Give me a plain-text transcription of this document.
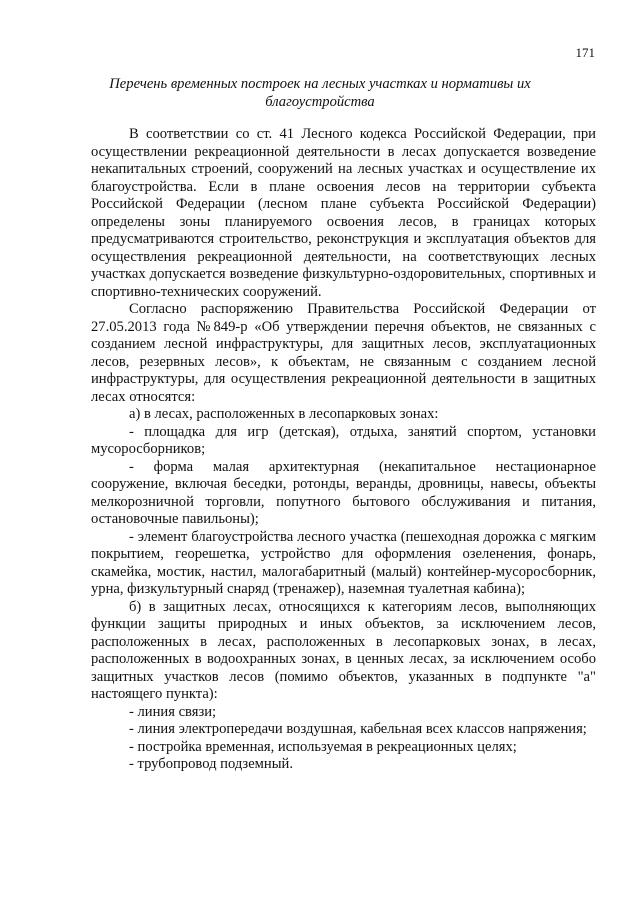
171
Перечень временных построек на лесных участках и нормативы их благоустройства

В соответствии со ст. 41 Лесного кодекса Российской Федерации, при осуществлении рекреационной деятельности в лесах допускается возведение некапитальных строений, сооружений на лесных участках и осуществление их благоустройства. Если в плане освоения лесов на территории субъекта Российской Федерации (лесном плане субъекта Российской Федерации) определены зоны планируемого освоения лесов, в границах которых предусматриваются строительство, реконструкция и эксплуатация объектов для осуществления рекреационной деятельности, на соответствующих лесных участках допускается возведение физкультурно-оздоровительных, спортивных и спортивно-технических сооружений.

Согласно распоряжению Правительства Российской Федерации от 27.05.2013 года №849-р «Об утверждении перечня объектов, не связанных с созданием лесной инфраструктуры, для защитных лесов, эксплуатационных лесов, резервных лесов», к объектам, не связанным с созданием лесной инфраструктуры, для осуществления рекреационной деятельности в защитных лесах относятся:

а) в лесах, расположенных в лесопарковых зонах:

- площадка для игр (детская), отдыха, занятий спортом, установки мусоросборников;

- форма малая архитектурная (некапитальное нестационарное сооружение, включая беседки, ротонды, веранды, дровницы, навесы, объекты мелкорозничной торговли, попутного бытового обслуживания и питания, остановочные павильоны);

- элемент благоустройства лесного участка (пешеходная дорожка с мягким покрытием, георешетка, устройство для оформления озеленения, фонарь, скамейка, мостик, настил, малогабаритный (малый) контейнер-мусоросборник, урна, физкультурный снаряд (тренажер), наземная туалетная кабина);

б) в защитных лесах, относящихся к категориям лесов, выполняющих функции защиты природных и иных объектов, за исключением лесов, расположенных в лесах, расположенных в лесопарковых зонах, в лесах, расположенных в водоохранных зонах, в ценных лесах, за исключением особо защитных участков лесов (помимо объектов, указанных в подпункте "а" настоящего пункта):

- линия связи;

- линия электропередачи воздушная, кабельная всех классов напряжения;

- постройка временная, используемая в рекреационных целях;

- трубопровод подземный.
